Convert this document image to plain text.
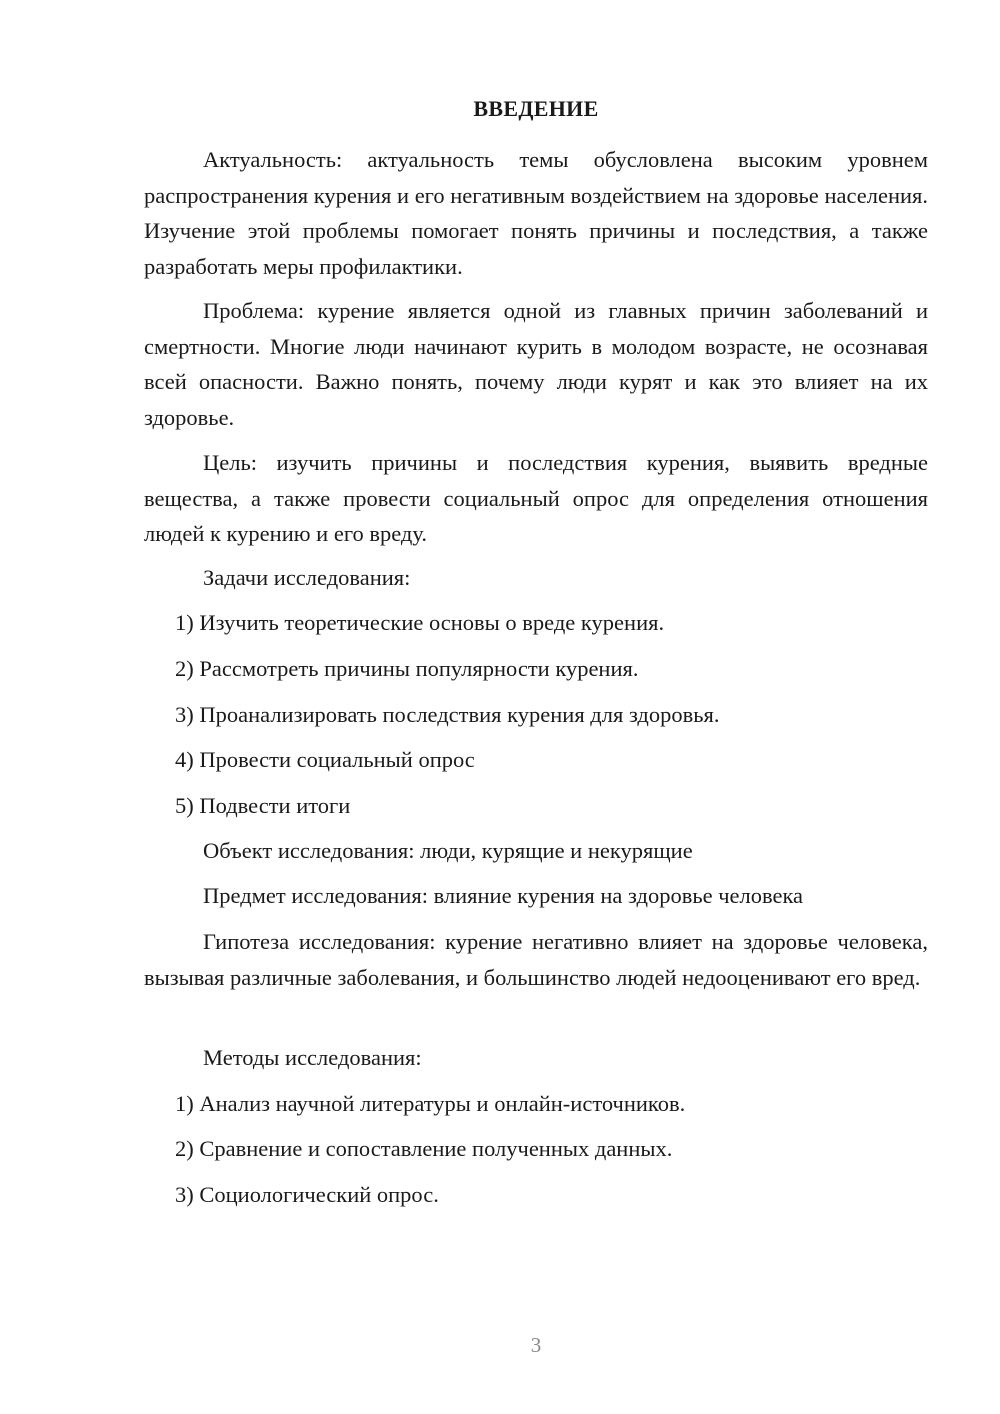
ВВЕДЕНИЕ

Актуальность: актуальность темы обусловлена высоким уровнем распространения курения и его негативным воздействием на здоровье населения. Изучение этой проблемы помогает понять причины и последствия, а также разработать меры профилактики.

Проблема: курение является одной из главных причин заболеваний и смертности. Многие люди начинают курить в молодом возрасте, не осознавая всей опасности. Важно понять, почему люди курят и как это влияет на их здоровье.

Цель: изучить причины и последствия курения, выявить вредные вещества, а также провести социальный опрос для определения отношения людей к курению и его вреду.

Задачи исследования:
1) Изучить теоретические основы о вреде курения.
2) Рассмотреть причины популярности курения.
3) Проанализировать последствия курения для здоровья.
4) Провести социальный опрос
5) Подвести итоги
Объект исследования: люди, курящие и некурящие
Предмет исследования: влияние курения на здоровье человека

Гипотеза исследования: курение негативно влияет на здоровье человека, вызывая различные заболевания, и большинство людей недооценивают его вред.

Методы исследования:
1) Анализ научной литературы и онлайн-источников.
2) Сравнение и сопоставление полученных данных.
3) Социологический опрос.
3
